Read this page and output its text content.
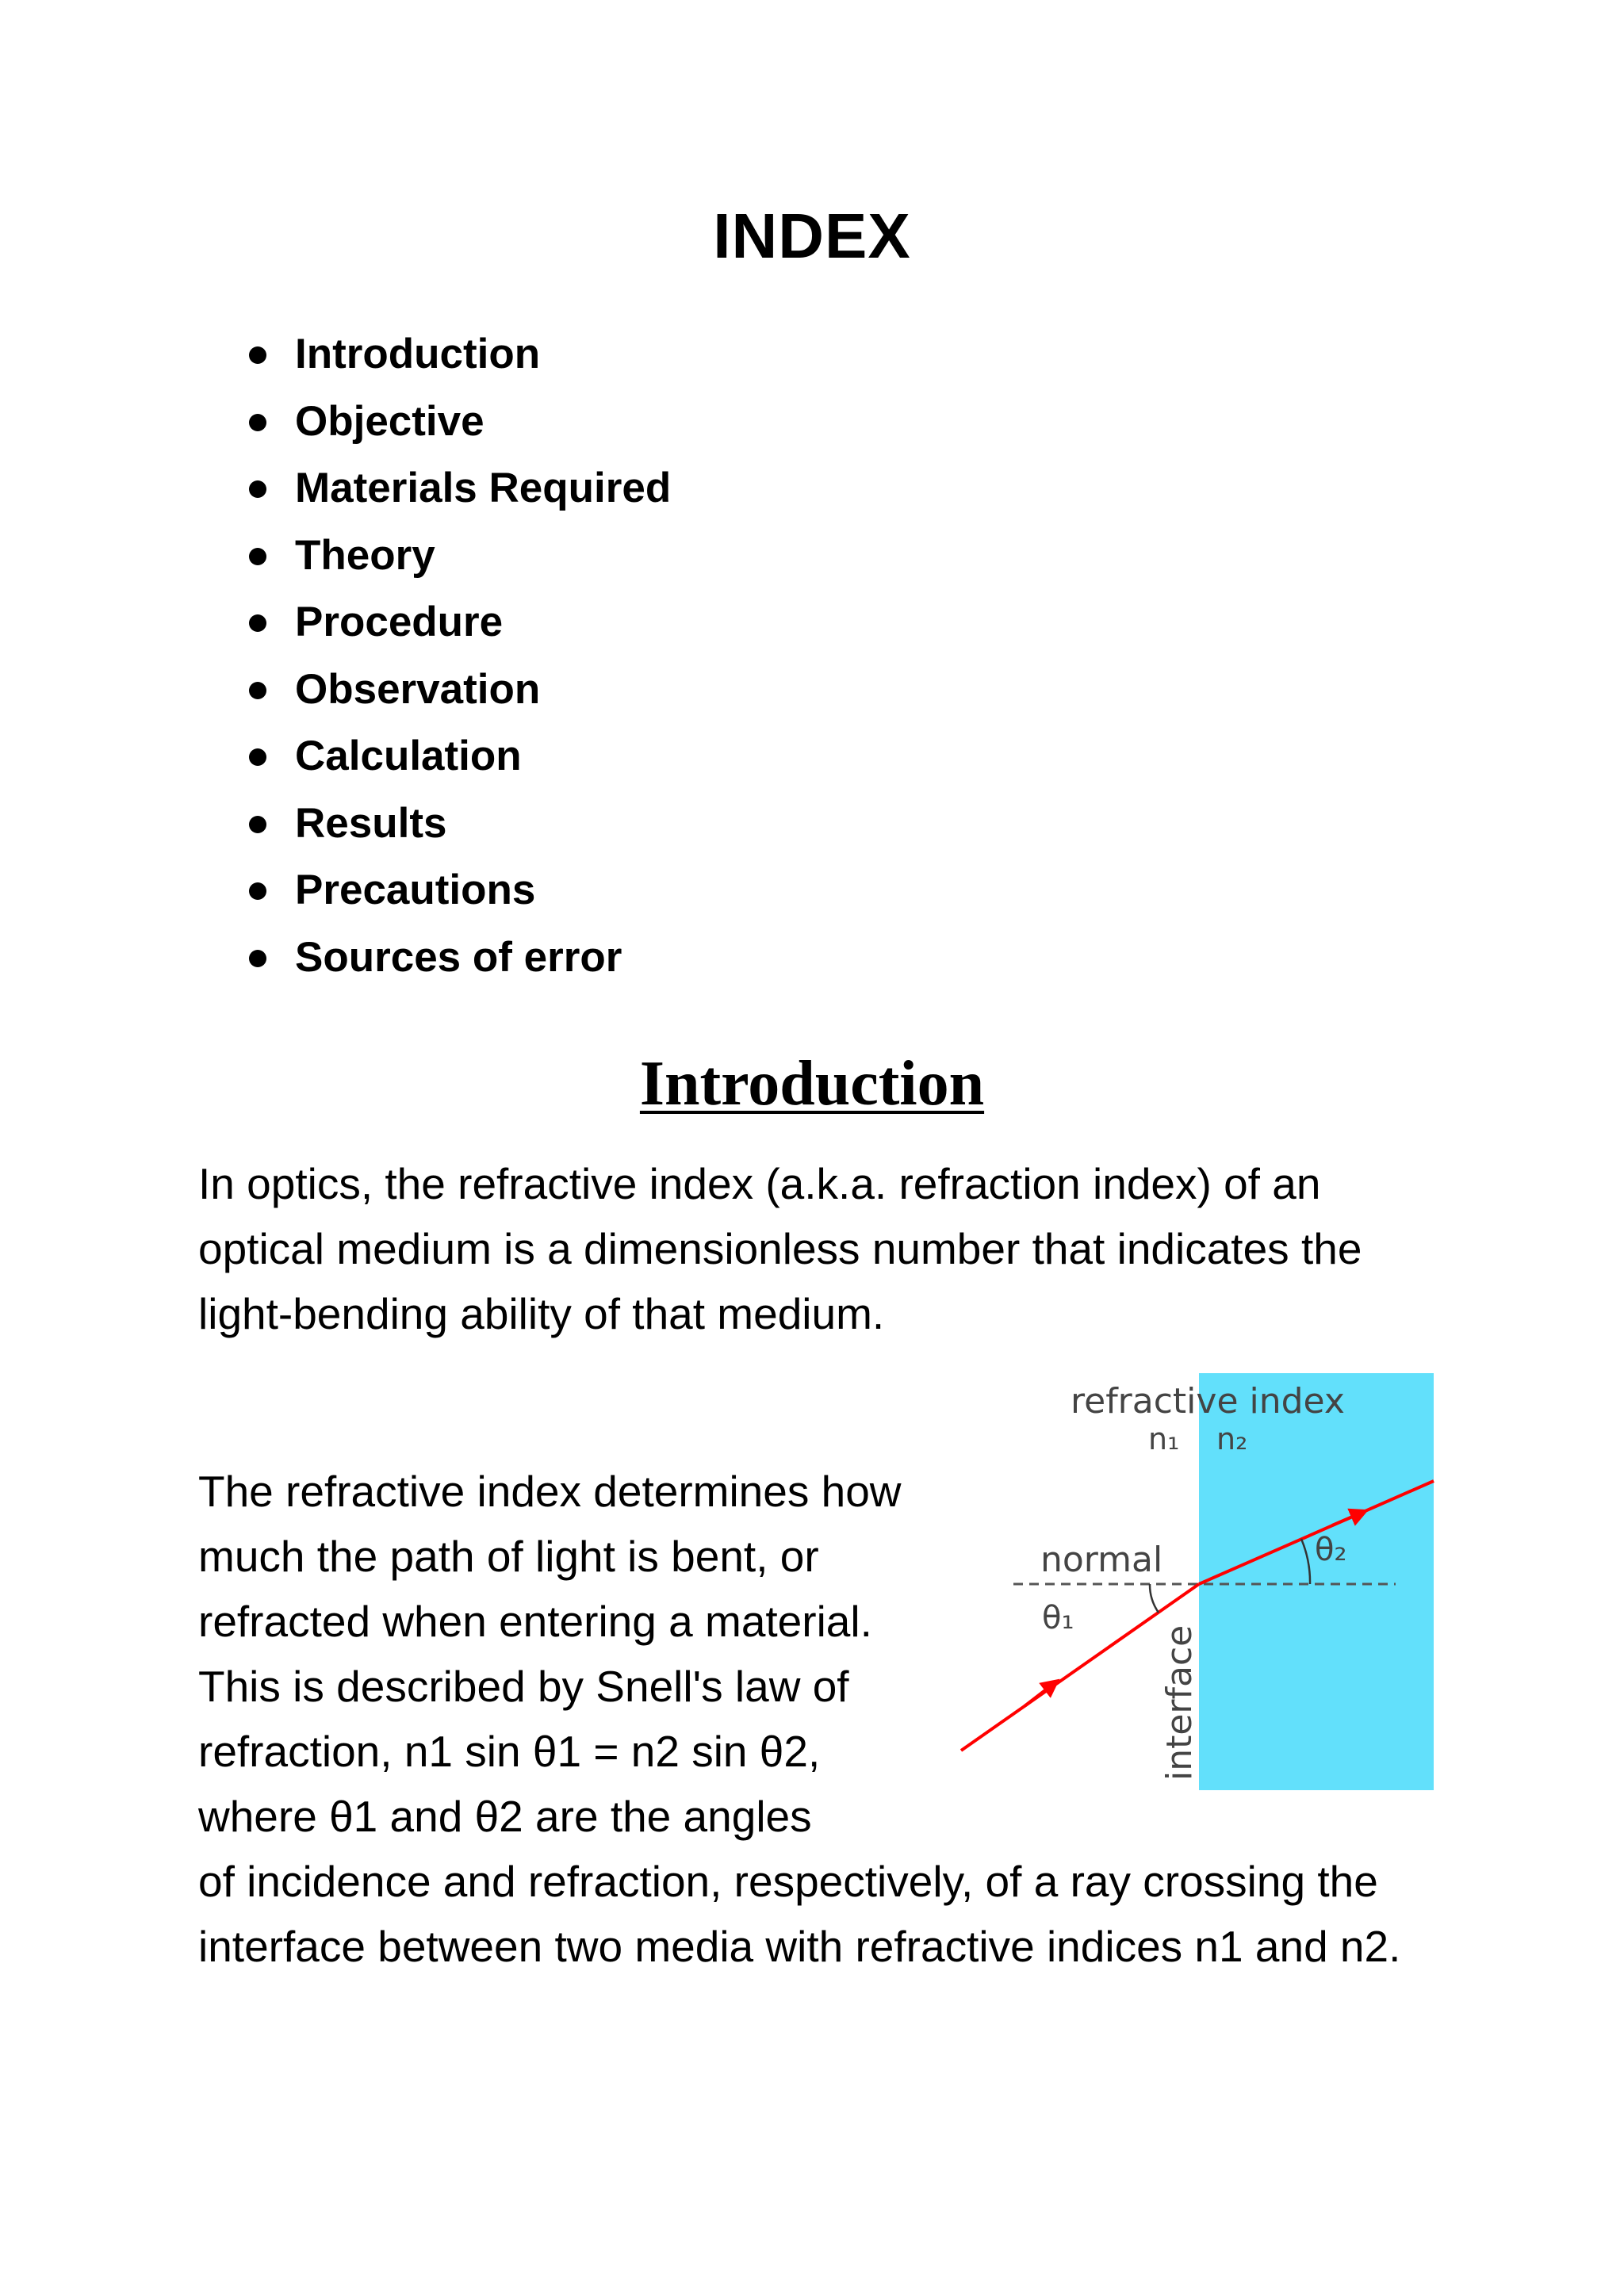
INDEX
Introduction
Objective
Materials Required
Theory
Procedure
Observation
Calculation
Results
Precautions
Sources of error
Introduction

In optics, the refractive index (a.k.a. refraction index) of an optical medium is a dimensionless number that indicates the light-bending ability of that medium.

The refractive index determines how much the path of light is bent, or refracted when entering a material. This is described by Snell's law of refraction, n1 sin θ1 = n2 sin θ2, where θ1 and θ2 are the angles

of incidence and refraction, respectively, of a ray crossing the interface between two media with refractive indices n1 and n2.

refractive index
n₁ n₂
normal
θ₁
θ₂
interface
